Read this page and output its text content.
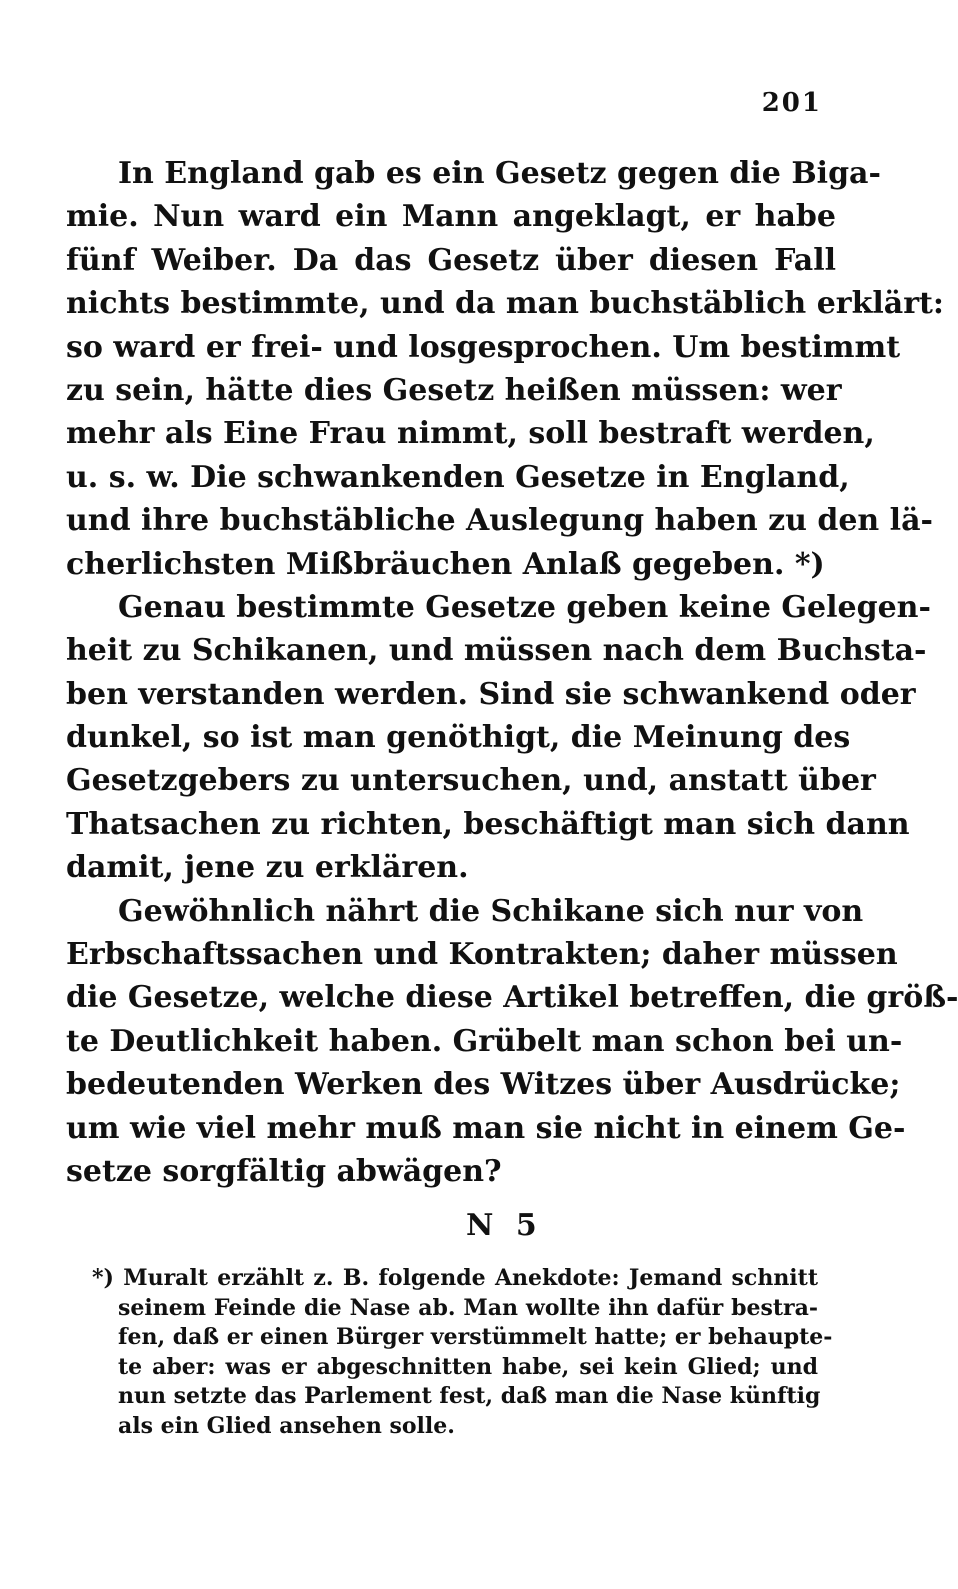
201

In England gab es ein Gesetz gegen die Biga-
mie. Nun ward ein Mann angeklagt, er habe
fünf Weiber. Da das Gesetz über diesen Fall
nichts bestimmte, und da man buchstäblich erklärt:
so ward er frei- und losgesprochen. Um bestimmt
zu sein, hätte dies Gesetz heißen müssen: wer
mehr als Eine Frau nimmt, soll bestraft werden,
u. s. w. Die schwankenden Gesetze in England,
und ihre buchstäbliche Auslegung haben zu den lä-
cherlichsten Mißbräuchen Anlaß gegeben. *)

Genau bestimmte Gesetze geben keine Gelegen-
heit zu Schikanen, und müssen nach dem Buchsta-
ben verstanden werden. Sind sie schwankend oder
dunkel, so ist man genöthigt, die Meinung des
Gesetzgebers zu untersuchen, und, anstatt über
Thatsachen zu richten, beschäftigt man sich dann
damit, jene zu erklären.

Gewöhnlich nährt die Schikane sich nur von
Erbschaftssachen und Kontrakten; daher müssen
die Gesetze, welche diese Artikel betreffen, die größ-
te Deutlichkeit haben. Grübelt man schon bei un-
bedeutenden Werken des Witzes über Ausdrücke;
um wie viel mehr muß man sie nicht in einem Ge-
setze sorgfältig abwägen?

N 5
*) Muralt erzählt z. B. folgende Anekdote: Jemand schnitt
seinem Feinde die Nase ab. Man wollte ihn dafür bestra-
fen, daß er einen Bürger verstümmelt hatte; er behaupte-
te aber: was er abgeschnitten habe, sei kein Glied; und
nun setzte das Parlement fest, daß man die Nase künftig
als ein Glied ansehen solle.
